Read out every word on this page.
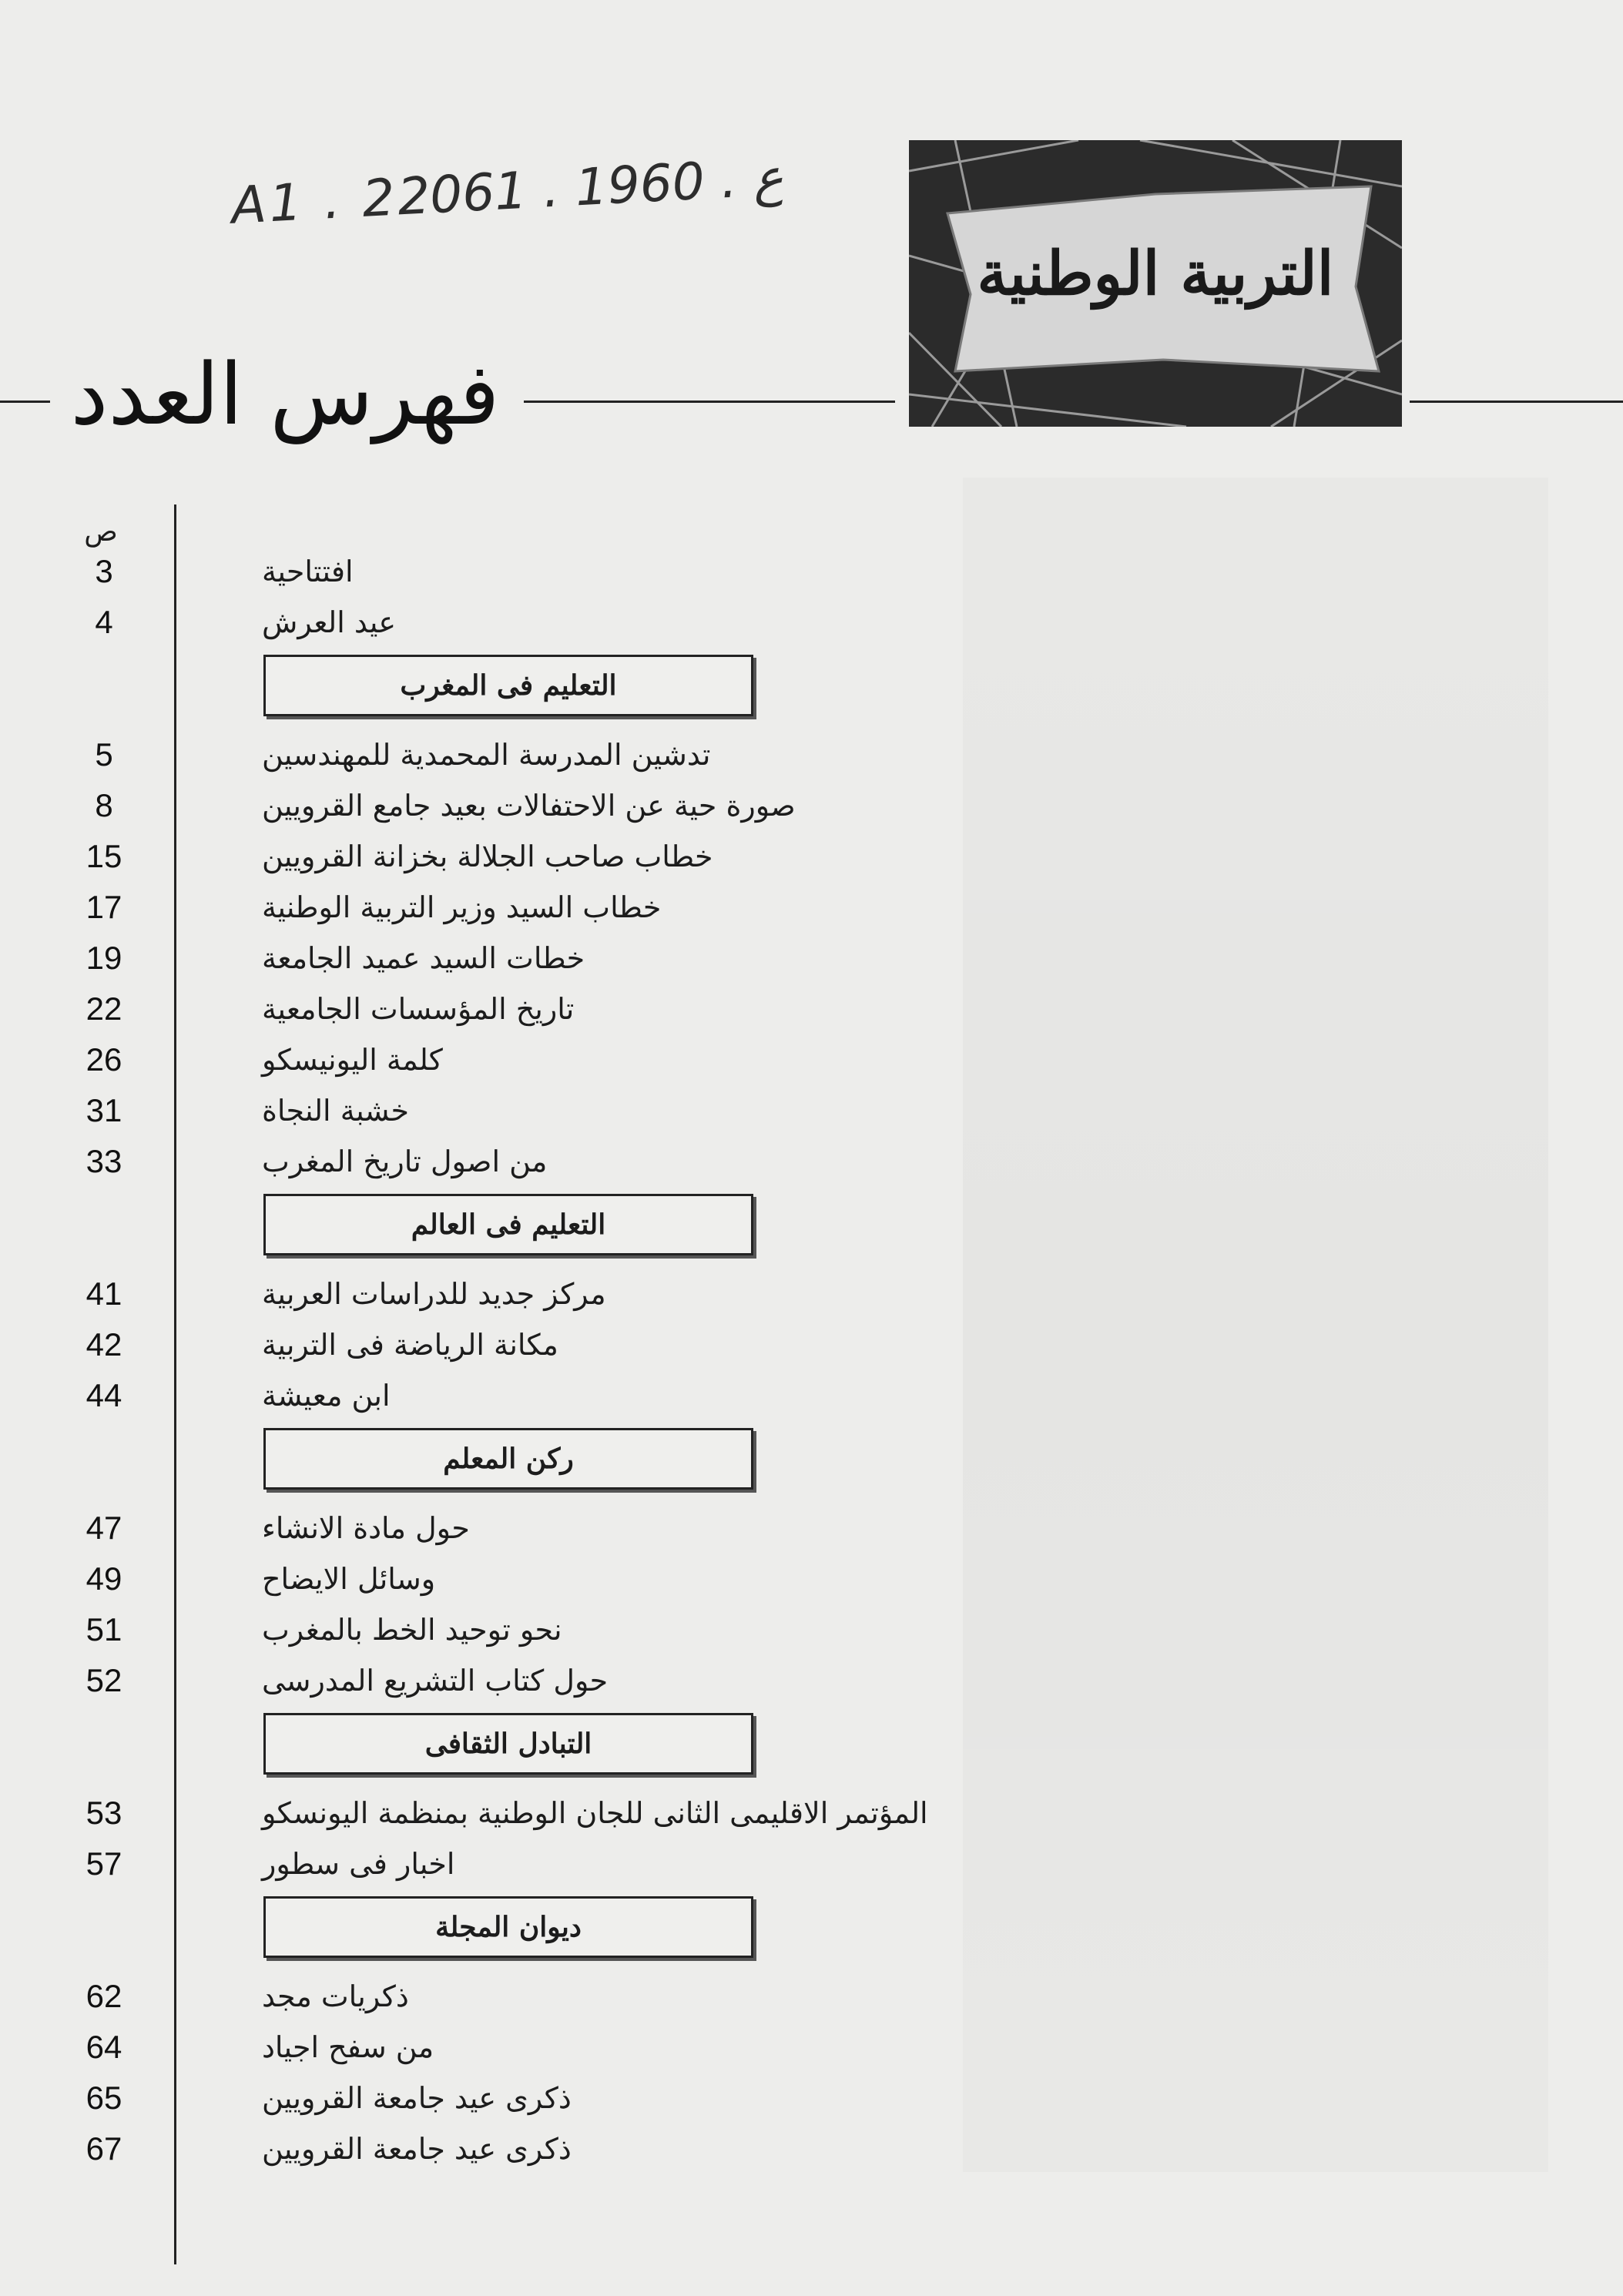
A1 . 2ع . 1960 . 2061
التربية الوطنية
فهرس العدد
ص
افتتاحية
3
عيد العرش
4
التعليم فى المغرب
تدشين المدرسة المحمدية للمهندسين
5
صورة حية عن الاحتفالات بعيد جامع القرويين
8
خطاب صاحب الجلالة بخزانة القرويين
15
خطاب السيد وزير التربية الوطنية
17
خطات السيد عميد الجامعة
19
تاريخ المؤسسات الجامعية
22
كلمة اليونيسكو
26
خشبة النجاة
31
من اصول تاريخ المغرب
33
التعليم فى العالم
مركز جديد للدراسات العربية
41
مكانة الرياضة فى التربية
42
ابن معيشة
44
ركن المعلم
حول مادة الانشاء
47
وسائل الايضاح
49
نحو توحيد الخط بالمغرب
51
حول كتاب التشريع المدرسى
52
التبادل الثقافى
المؤتمر الاقليمى الثانى للجان الوطنية بمنظمة اليونسكو
53
اخبار فى سطور
57
ديوان المجلة
ذكريات مجد
62
من سفح اجياد
64
ذكرى عيد جامعة القرويين
65
ذكرى عيد جامعة القرويين
67
